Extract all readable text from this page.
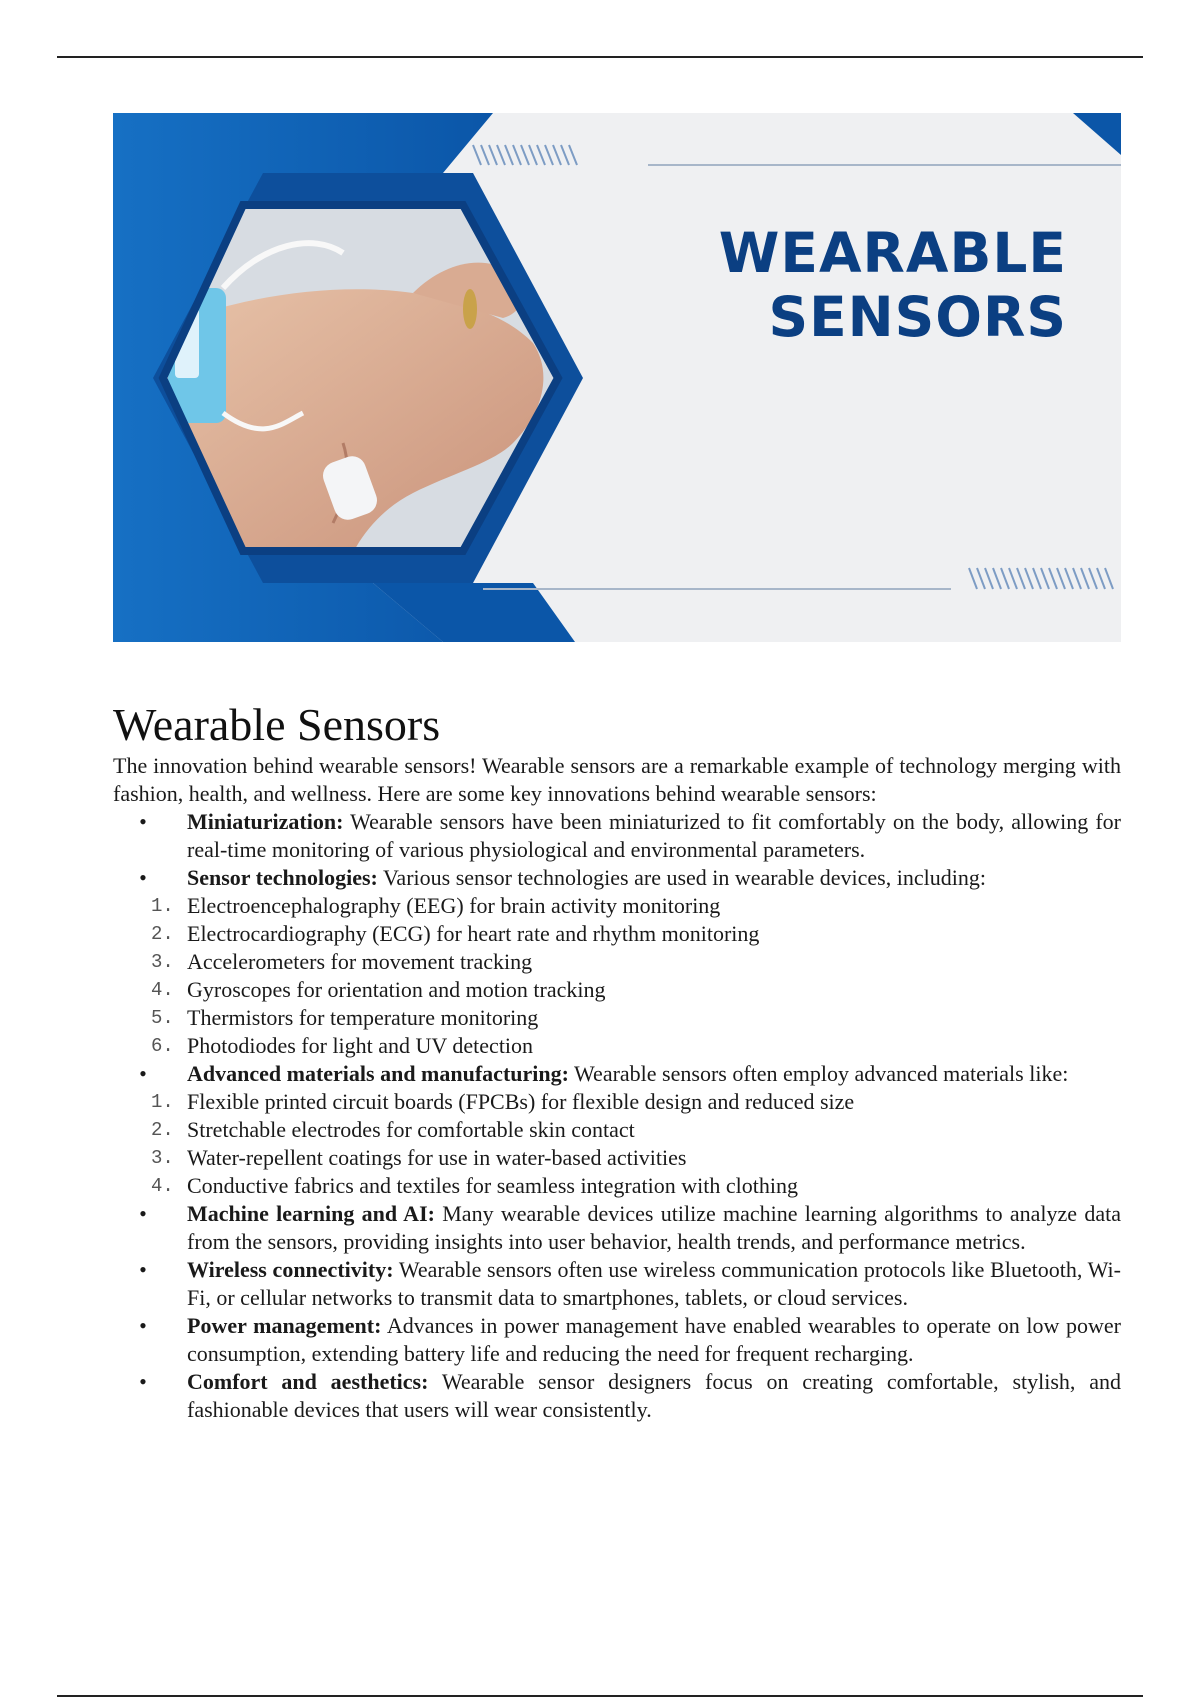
WEARABLE
SENSORS
Wearable Sensors

The innovation behind wearable sensors! Wearable sensors are a remarkable example of technology merging with fashion, health, and wellness. Here are some key innovations behind wearable sensors:

•	Miniaturization: Wearable sensors have been miniaturized to fit comfortably on the body, allowing for real-time monitoring of various physiological and environmental parameters.
•	Sensor technologies: Various sensor technologies are used in wearable devices, including:
1. Electroencephalography (EEG) for brain activity monitoring
2. Electrocardiography (ECG) for heart rate and rhythm monitoring
3. Accelerometers for movement tracking
4. Gyroscopes for orientation and motion tracking
5. Thermistors for temperature monitoring
6. Photodiodes for light and UV detection
•	Advanced materials and manufacturing: Wearable sensors often employ advanced materials like:
1. Flexible printed circuit boards (FPCBs) for flexible design and reduced size
2. Stretchable electrodes for comfortable skin contact
3. Water-repellent coatings for use in water-based activities
4. Conductive fabrics and textiles for seamless integration with clothing
•	Machine learning and AI: Many wearable devices utilize machine learning algorithms to analyze data from the sensors, providing insights into user behavior, health trends, and performance metrics.
•	Wireless connectivity: Wearable sensors often use wireless communication protocols like Bluetooth, Wi-Fi, or cellular networks to transmit data to smartphones, tablets, or cloud services.
•	Power management: Advances in power management have enabled wearables to operate on low power consumption, extending battery life and reducing the need for frequent recharging.
•	Comfort and aesthetics: Wearable sensor designers focus on creating comfortable, stylish, and fashionable devices that users will wear consistently.
